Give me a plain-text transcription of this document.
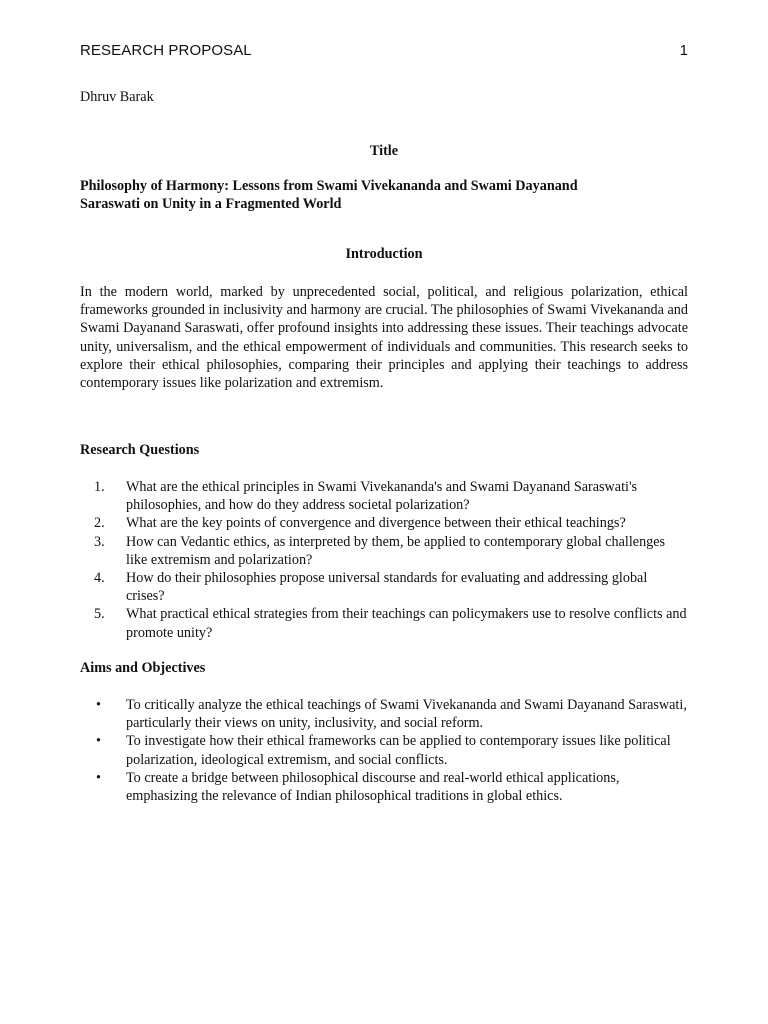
RESEARCH PROPOSAL	1
Dhruv Barak
Title
Philosophy of Harmony: Lessons from Swami Vivekananda and Swami Dayanand Saraswati on Unity in a Fragmented World
Introduction
In the modern world, marked by unprecedented social, political, and religious polarization, ethical frameworks grounded in inclusivity and harmony are crucial. The philosophies of Swami Vivekananda and Swami Dayanand Saraswati, offer profound insights into addressing these issues. Their teachings advocate unity, universalism, and the ethical empowerment of individuals and communities. This research seeks to explore their ethical philosophies, comparing their principles and applying their teachings to address contemporary issues like polarization and extremism.
Research Questions
1. What are the ethical principles in Swami Vivekananda's and Swami Dayanand Saraswati's philosophies, and how do they address societal polarization?
2. What are the key points of convergence and divergence between their ethical teachings?
3. How can Vedantic ethics, as interpreted by them, be applied to contemporary global challenges like extremism and polarization?
4. How do their philosophies propose universal standards for evaluating and addressing global crises?
5. What practical ethical strategies from their teachings can policymakers use to resolve conflicts and promote unity?
Aims and Objectives
• To critically analyze the ethical teachings of Swami Vivekananda and Swami Dayanand Saraswati, particularly their views on unity, inclusivity, and social reform.
• To investigate how their ethical frameworks can be applied to contemporary issues like political polarization, ideological extremism, and social conflicts.
• To create a bridge between philosophical discourse and real-world ethical applications, emphasizing the relevance of Indian philosophical traditions in global ethics.
